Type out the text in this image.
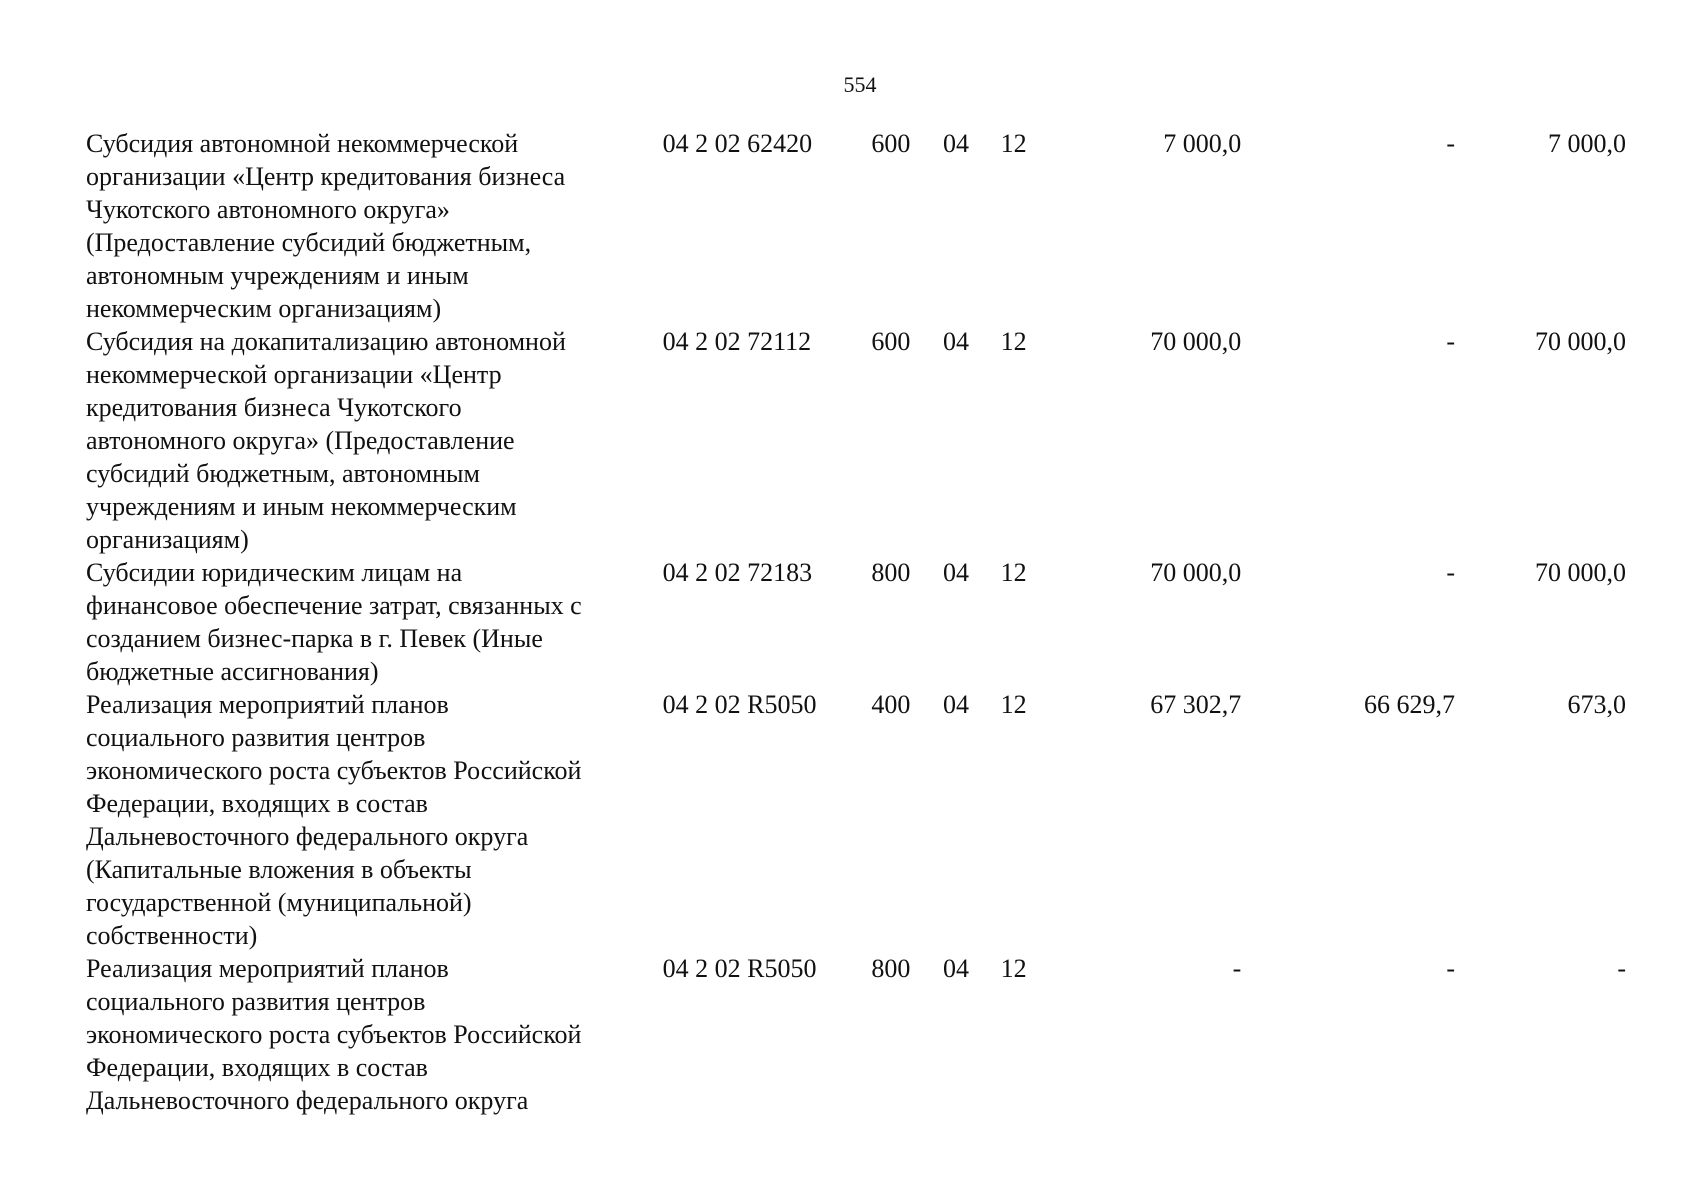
554
Субсидия автономной некоммерческой
организации «Центр кредитования бизнеса
Чукотского автономного округа»
(Предоставление субсидий бюджетным,
автономным учреждениям и иным
некоммерческим организациям)
04 2 02 62420	600	04	12	7 000,0	-	7 000,0
Субсидия на докапитализацию автономной
некоммерческой организации «Центр
кредитования бизнеса Чукотского
автономного округа» (Предоставление
субсидий бюджетным, автономным
учреждениям и иным некоммерческим
организациям)
04 2 02 72112	600	04	12	70 000,0	-	70 000,0
Субсидии юридическим лицам на
финансовое обеспечение затрат, связанных с
созданием бизнес-парка в г. Певек (Иные
бюджетные ассигнования)
04 2 02 72183	800	04	12	70 000,0	-	70 000,0
Реализация мероприятий планов
социального развития центров
экономического роста субъектов Российской
Федерации, входящих в состав
Дальневосточного федерального округа
(Капитальные вложения в объекты
государственной (муниципальной)
собственности)
04 2 02 R5050	400	04	12	67 302,7	66 629,7	673,0
Реализация мероприятий планов
социального развития центров
экономического роста субъектов Российской
Федерации, входящих в состав
Дальневосточного федерального округа
04 2 02 R5050	800	04	12	-	-	-
